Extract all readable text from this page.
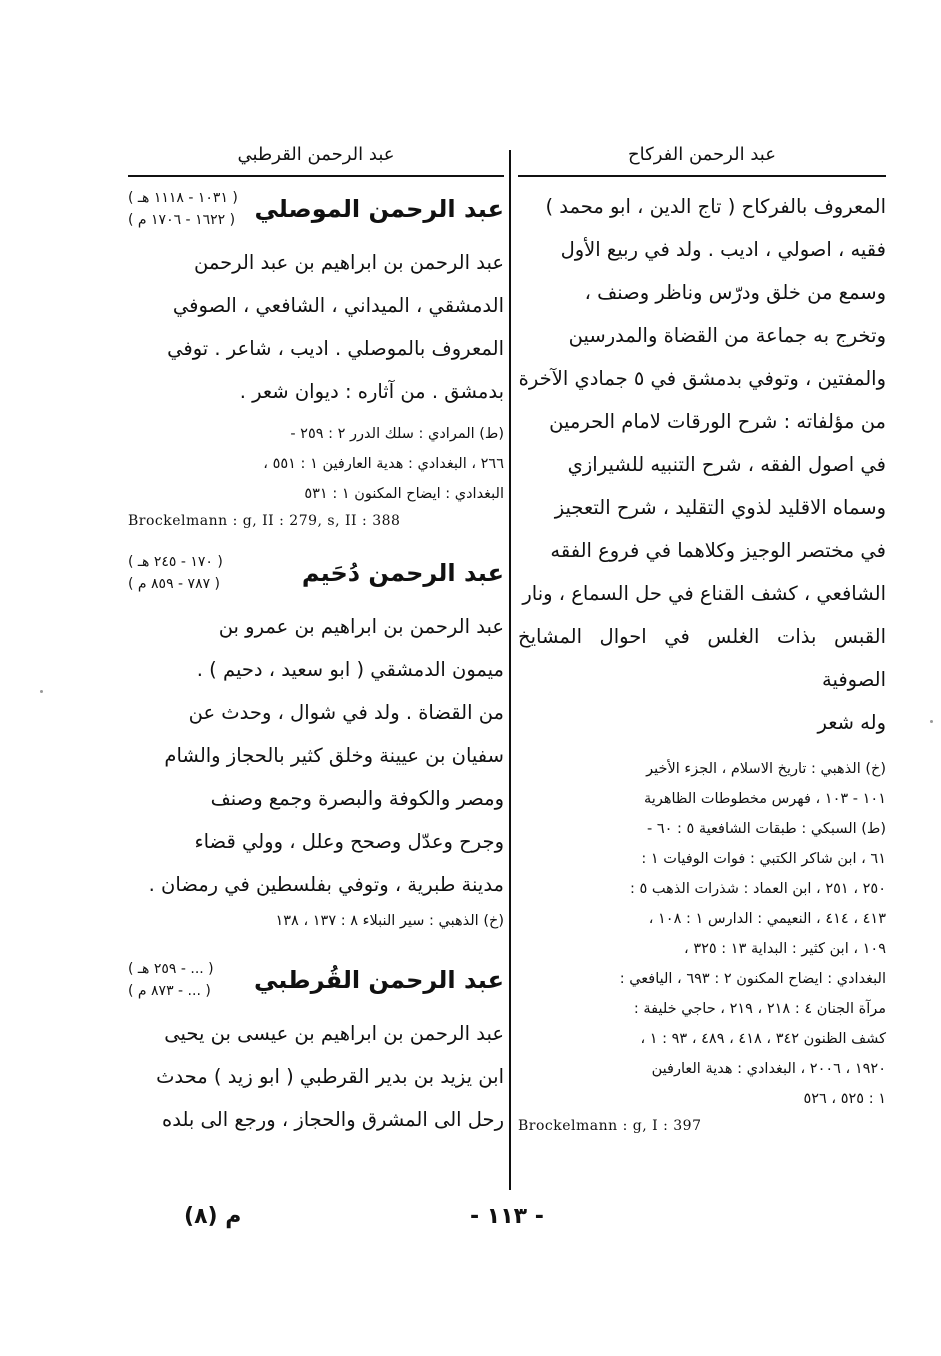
عبد الرحمن الفركاح
المعروف بالفركاح ( تاج الدين ، ابو محمد )
فقيه ، اصولي ، اديب . ولد في ربيع الأول
وسمع من خلق ودرّس وناظر وصنف ،
وتخرج به جماعة من القضاة والمدرسين
والمفتين ، وتوفي بدمشق في ٥ جمادي الآخرة
من مؤلفاته : شرح الورقات لامام الحرمين
في اصول الفقه ، شرح التنبيه للشيرازي
وسماه الاقليد لذوي التقليد ، شرح التعجيز
في مختصر الوجيز وكلاهما في فروع الفقه
الشافعي ، كشف القناع في حل السماع ، ونار
القبس بذات الغلس في احوال المشايخ الصوفية
وله شعر
(خ) الذهبي : تاريخ الاسلام ، الجزء الأخير
١٠١ - ١٠٣ ، فهرس مخطوطات الظاهرية
(ط) السبكي : طبقات الشافعية ٥ : ٦٠ -
٦١ ، ابن شاكر الكتبي : فوات الوفيات ١ :
٢٥٠ ، ٢٥١ ، ابن العماد : شذرات الذهب ٥ :
٤١٣ ، ٤١٤ ، النعيمي : الدارس ١ : ١٠٨ ،
١٠٩ ، ابن كثير : البداية ١٣ : ٣٢٥ ،
البغدادي : ايضاح المكنون ٢ : ٦٩٣ ، اليافعي :
مرآة الجنان ٤ : ٢١٨ ، ٢١٩ ، حاجي خليفة :
كشف الظنون ٣٤٢ ، ٤١٨ ، ٤٨٩ ، ٩٣ : ١ ،
١٩٢٠ ، ٢٠٠٦ ، البغدادي : هدية العارفين
١ : ٥٢٥ ، ٥٢٦
Brockelmann : g, I : 397
عبد الرحمن القرطبي
عبد الرحمن الموصلي
( ١٠٣١ - ١١١٨ هـ )
( ١٦٢٢ - ١٧٠٦ م )
عبد الرحمن بن ابراهيم بن عبد الرحمن
الدمشقي ، الميداني ، الشافعي ، الصوفي
المعروف بالموصلي . اديب ، شاعر . توفي
بدمشق . من آثاره : ديوان شعر .
(ط) المرادي : سلك الدرر ٢ : ٢٥٩ -
٢٦٦ ، البغدادي : هدية العارفين ١ : ٥٥١ ،
البغدادي : ايضاح المكنون ١ : ٥٣١
Brockelmann : g, II : 279, s, II : 388
عبد الرحمن دُحَيم
( ١٧٠ - ٢٤٥ هـ )
( ٧٨٧ - ٨٥٩ م )
عبد الرحمن بن ابراهيم بن عمرو بن
ميمون الدمشقي ( ابو سعيد ، دحيم ) .
من القضاة . ولد في شوال ، وحدث عن
سفيان بن عيينة وخلق كثير بالحجاز والشام
ومصر والكوفة والبصرة وجمع وصنف
وجرح وعدّل وصحح وعلل ، وولي قضاء
مدينة طبرية ، وتوفي بفلسطين في رمضان .
(خ) الذهبي : سير النبلاء ٨ : ١٣٧ ، ١٣٨
عبد الرحمن القُرطبي
( ... - ٢٥٩ هـ )
( ... - ٨٧٣ م )
عبد الرحمن بن ابراهيم بن عيسى بن يحيى
ابن يزيد بن بدير القرطبي ( ابو زيد ) محدث
رحل الى المشرق والحجاز ، ورجع الى بلده
- ١١٣ -
م (٨)
